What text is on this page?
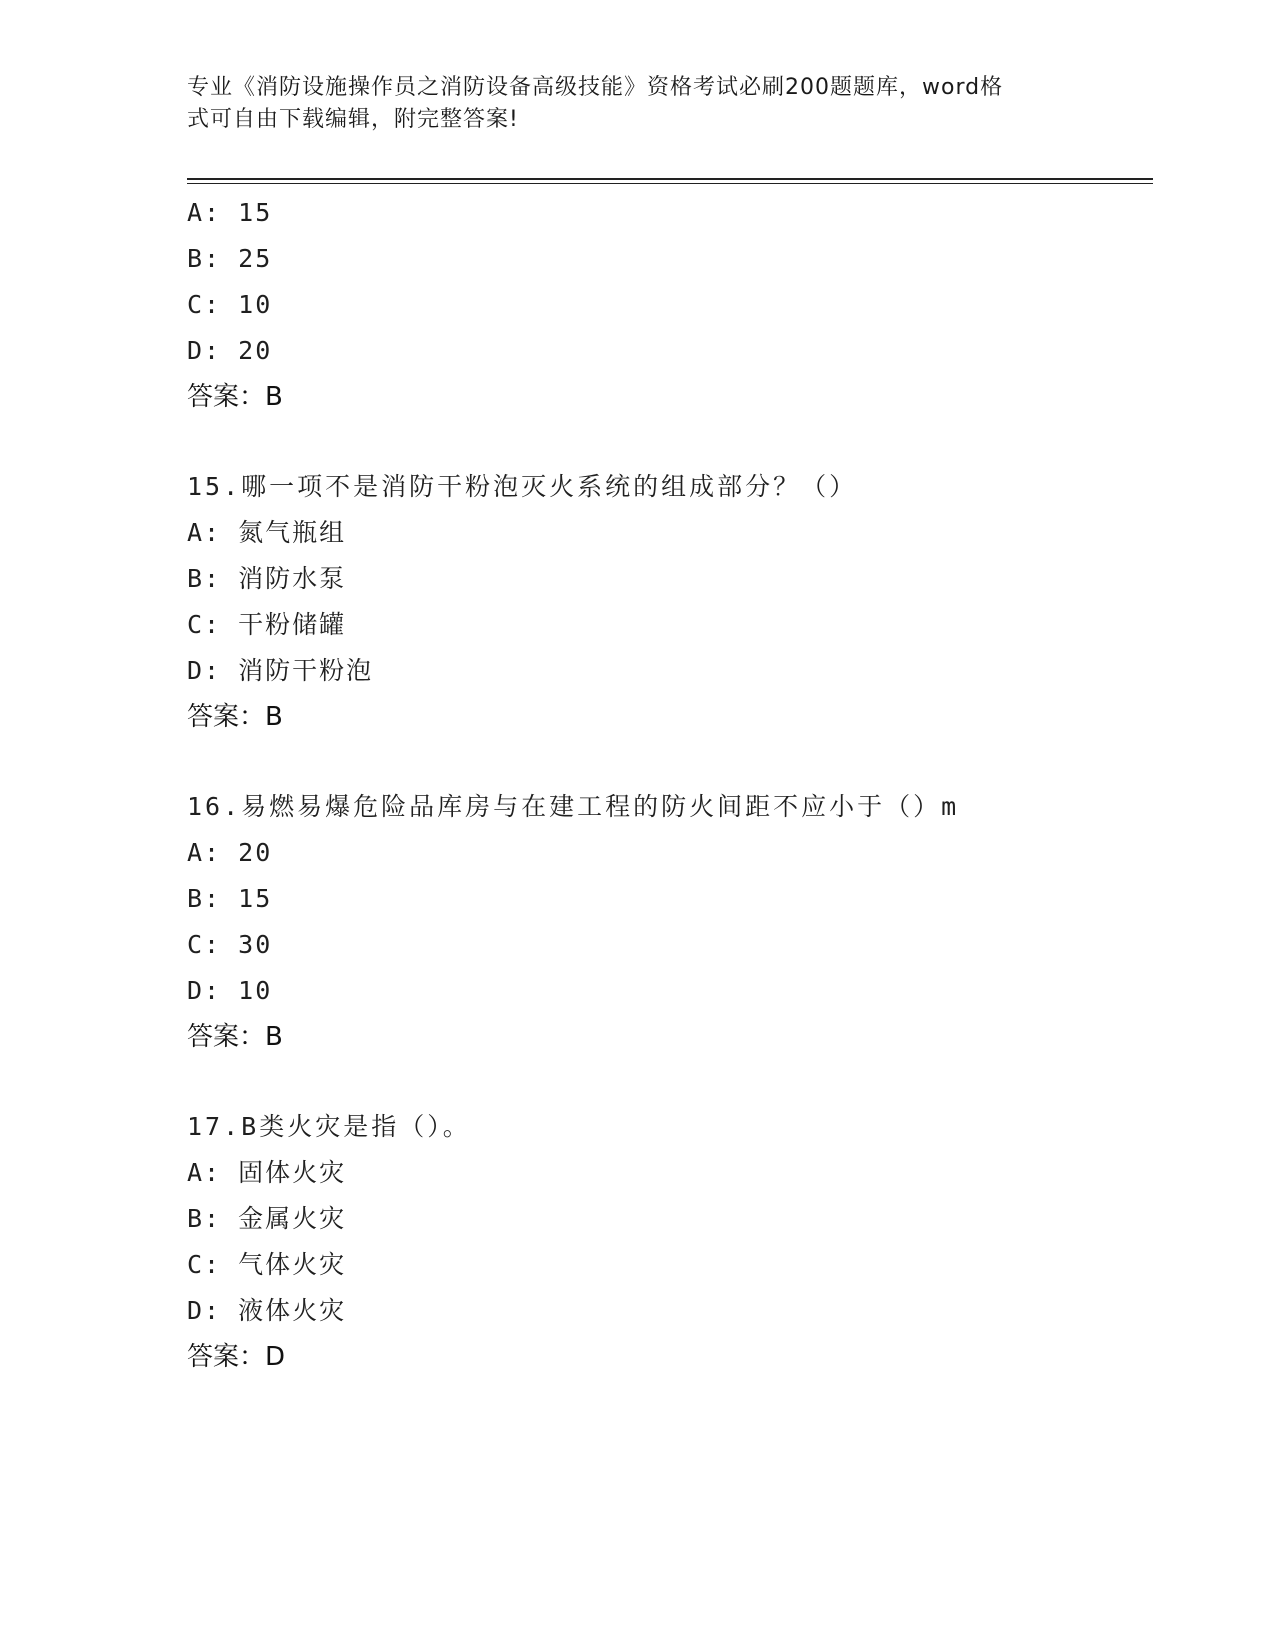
专业《消防设施操作员之消防设备高级技能》资格考试必刷200题题库，word格
式可自由下载编辑，附完整答案!
A: 15
B: 25
C: 10
D: 20
答案：B
15.哪一项不是消防干粉泡灭火系统的组成部分？（）
A: 氮气瓶组
B: 消防水泵
C: 干粉储罐
D: 消防干粉泡
答案：B
16.易燃易爆危险品库房与在建工程的防火间距不应小于（）m
A: 20
B: 15
C: 30
D: 10
答案：B
17.B类火灾是指（）。
A: 固体火灾
B: 金属火灾
C: 气体火灾
D: 液体火灾
答案：D
